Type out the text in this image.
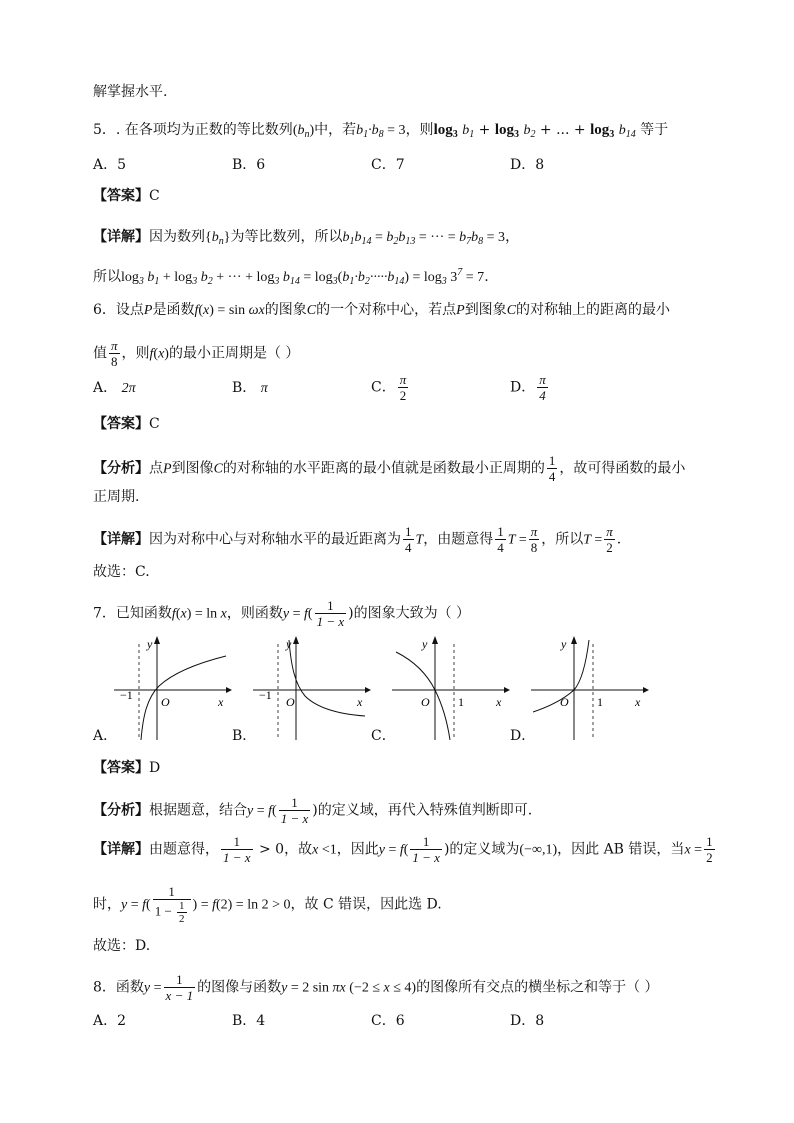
解掌握水平.
5．. 在各项均为正数的等比数列$(b_n)$中，若$b_1\cdot b_8 = 3$，则$\log_3 b_1 + \log_3 b_2$ + ... + $\log_3 b_{14}$ 等于
A．5	B．6	C．7	D．8
【答案】C
【详解】因为数列$\{b_n\}$为等比数列，所以$b_1b_{14} = b_2b_{13}$ = ··· = $b_7b_8 = 3$，
所以$\log_3 b_1 + \log_3 b_2$ + ··· + $\log_3 b_{14} = \log_3(b_1\cdot b_2\cdot\cdot\cdot\cdot\cdot b_{14}) = \log_3 3^7 = 7$.
6．设点P是函数f(x) = sin ωx的图象C的一个对称中心，若点P到图象C的对称轴上的距离的最小
值 $\frac{\pi}{8}$ ，则f(x)的最小正周期是（ ）
A． 2π	B． π	C． $\frac{\pi}{2}$	D． $\frac{\pi}{4}$
【答案】C
【分析】点P到图像C的对称轴的水平距离的最小值就是函数最小正周期的 $\frac{1}{4}$ ，故可得函数的最小
正周期.
【详解】因为对称中心与对称轴水平的最近距离为 $\frac{1}{4}$ T，由题意得 $\frac{1}{4}$ $T = \frac{\pi}{8}$ ，所以$T = \frac{\pi}{2}$ .
故选：C.
7．已知函数f(x) = ln x，则函数$y = f( \frac{1}{1 - x}$ )的图象大致为（ ）
y
x
O
−1
y
x
O
−1
y
x
O 1
y
x
O 1
A．	B．	C．	D．
【答案】D
【分析】根据题意，结合$y = f( \frac{1}{1 - x}$ )的定义域，再代入特殊值判断即可.
【详解】由题意得， $\frac{1}{1 - x} > 0$，故x <1，因此$y = f( \frac{1}{1 - x}$ )的定义域为(−∞,1)，因此 AB 错误，当$x = \frac{1}{2}$
时，$y = f( \frac{1}{1 - \frac{1}{2}}$ ) = f(2) = ln 2 > 0，故 C 错误，因此选 D.
故选：D.
8．函数$y = \frac{1}{x - 1}$ 的图像与函数y = 2 sin πx (−2 ≤ x ≤ 4)的图像所有交点的横坐标之和等于（ ）
A．2	B．4	C．6	D．8
